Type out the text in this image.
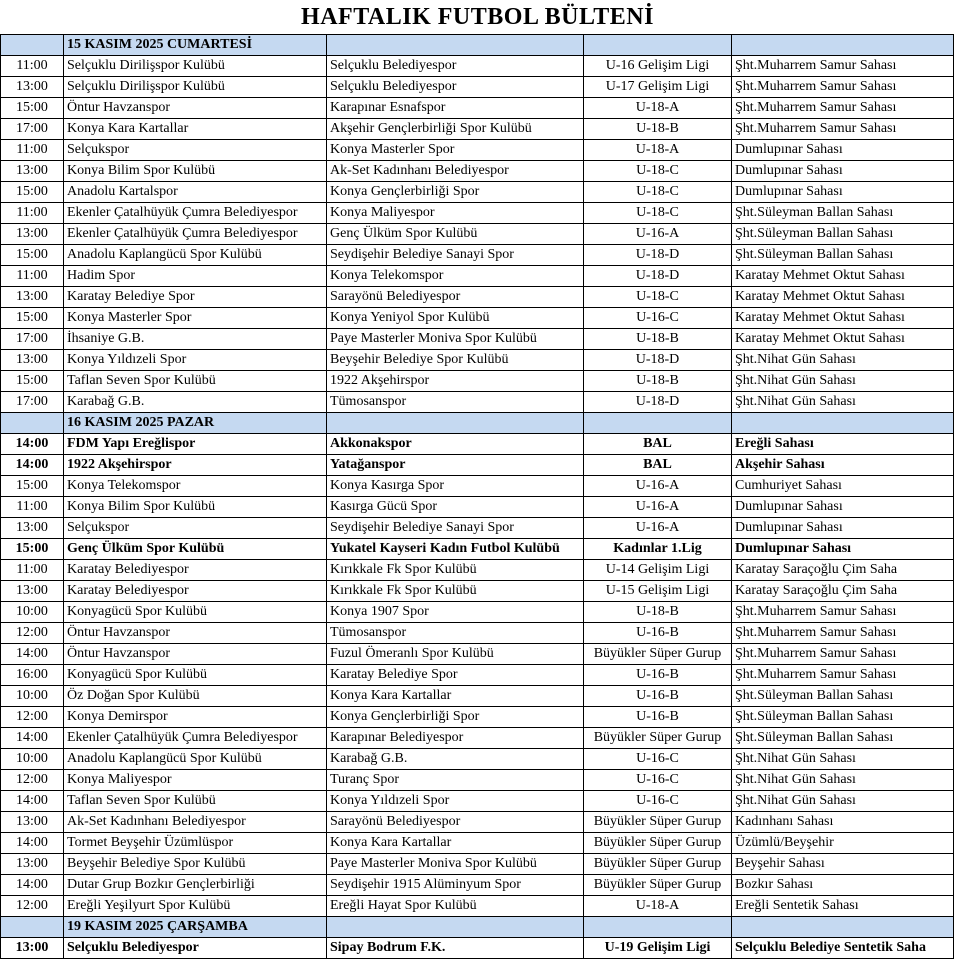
HAFTALIK FUTBOL BÜLTENİ
	15 KASIM 2025 CUMARTESİ			
11:00	Selçuklu Dirilişspor Kulübü	Selçuklu Belediyespor	U-16 Gelişim Ligi	Şht.Muharrem Samur Sahası
13:00	Selçuklu Dirilişspor Kulübü	Selçuklu Belediyespor	U-17 Gelişim Ligi	Şht.Muharrem Samur Sahası
15:00	Öntur Havzanspor	Karapınar Esnafspor	U-18-A	Şht.Muharrem Samur Sahası
17:00	Konya Kara Kartallar	Akşehir Gençlerbirliği Spor Kulübü	U-18-B	Şht.Muharrem Samur Sahası
11:00	Selçukspor	Konya Masterler Spor	U-18-A	Dumlupınar Sahası
13:00	Konya Bilim Spor Kulübü	Ak-Set Kadınhanı Belediyespor	U-18-C	Dumlupınar Sahası
15:00	Anadolu Kartalspor	Konya Gençlerbirliği Spor	U-18-C	Dumlupınar Sahası
11:00	Ekenler Çatalhüyük Çumra Belediyespor	Konya Maliyespor	U-18-C	Şht.Süleyman Ballan Sahası
13:00	Ekenler Çatalhüyük Çumra Belediyespor	Genç Ülküm Spor Kulübü	U-16-A	Şht.Süleyman Ballan Sahası
15:00	Anadolu Kaplangücü Spor Kulübü	Seydişehir Belediye Sanayi Spor	U-18-D	Şht.Süleyman Ballan Sahası
11:00	Hadim Spor	Konya Telekomspor	U-18-D	Karatay Mehmet Oktut Sahası
13:00	Karatay Belediye Spor	Sarayönü Belediyespor	U-18-C	Karatay Mehmet Oktut Sahası
15:00	Konya Masterler Spor	Konya Yeniyol Spor Kulübü	U-16-C	Karatay Mehmet Oktut Sahası
17:00	İhsaniye G.B.	Paye Masterler Moniva Spor Kulübü	U-18-B	Karatay Mehmet Oktut Sahası
13:00	Konya Yıldızeli Spor	Beyşehir Belediye Spor Kulübü	U-18-D	Şht.Nihat Gün Sahası
15:00	Taflan Seven Spor Kulübü	1922 Akşehirspor	U-18-B	Şht.Nihat Gün Sahası
17:00	Karabağ G.B.	Tümosanspor	U-18-D	Şht.Nihat Gün Sahası
	16 KASIM 2025 PAZAR			
14:00	FDM Yapı Ereğlispor	Akkonakspor	BAL	Ereğli Sahası
14:00	1922 Akşehirspor	Yatağanspor	BAL	Akşehir Sahası
15:00	Konya Telekomspor	Konya Kasırga Spor	U-16-A	Cumhuriyet Sahası
11:00	Konya Bilim Spor Kulübü	Kasırga Gücü Spor	U-16-A	Dumlupınar Sahası
13:00	Selçukspor	Seydişehir Belediye Sanayi Spor	U-16-A	Dumlupınar Sahası
15:00	Genç Ülküm Spor Kulübü	Yukatel Kayseri Kadın Futbol Kulübü	Kadınlar 1.Lig	Dumlupınar Sahası
11:00	Karatay Belediyespor	Kırıkkale Fk Spor Kulübü	U-14 Gelişim Ligi	Karatay Saraçoğlu Çim Saha
13:00	Karatay Belediyespor	Kırıkkale Fk Spor Kulübü	U-15 Gelişim Ligi	Karatay Saraçoğlu Çim Saha
10:00	Konyagücü Spor Kulübü	Konya 1907 Spor	U-18-B	Şht.Muharrem Samur Sahası
12:00	Öntur Havzanspor	Tümosanspor	U-16-B	Şht.Muharrem Samur Sahası
14:00	Öntur Havzanspor	Fuzul Ömeranlı Spor Kulübü	Büyükler Süper Gurup	Şht.Muharrem Samur Sahası
16:00	Konyagücü Spor Kulübü	Karatay Belediye Spor	U-16-B	Şht.Muharrem Samur Sahası
10:00	Öz Doğan Spor Kulübü	Konya Kara Kartallar	U-16-B	Şht.Süleyman Ballan Sahası
12:00	Konya Demirspor	Konya Gençlerbirliği Spor	U-16-B	Şht.Süleyman Ballan Sahası
14:00	Ekenler Çatalhüyük Çumra Belediyespor	Karapınar Belediyespor	Büyükler Süper Gurup	Şht.Süleyman Ballan Sahası
10:00	Anadolu Kaplangücü Spor Kulübü	Karabağ G.B.	U-16-C	Şht.Nihat Gün Sahası
12:00	Konya Maliyespor	Turanç Spor	U-16-C	Şht.Nihat Gün Sahası
14:00	Taflan Seven Spor Kulübü	Konya Yıldızeli Spor	U-16-C	Şht.Nihat Gün Sahası
13:00	Ak-Set Kadınhanı Belediyespor	Sarayönü Belediyespor	Büyükler Süper Gurup	Kadınhanı Sahası
14:00	Tormet Beyşehir Üzümlüspor	Konya Kara Kartallar	Büyükler Süper Gurup	Üzümlü/Beyşehir
13:00	Beyşehir Belediye Spor Kulübü	Paye Masterler Moniva Spor Kulübü	Büyükler Süper Gurup	Beyşehir Sahası
14:00	Dutar Grup Bozkır Gençlerbirliği	Seydişehir 1915 Alüminyum Spor	Büyükler Süper Gurup	Bozkır Sahası
12:00	Ereğli Yeşilyurt Spor Kulübü	Ereğli Hayat Spor Kulübü	U-18-A	Ereğli Sentetik Sahası
	19 KASIM 2025 ÇARŞAMBA			
13:00	Selçuklu Belediyespor	Sipay Bodrum F.K.	U-19 Gelişim Ligi	Selçuklu Belediye Sentetik Saha
